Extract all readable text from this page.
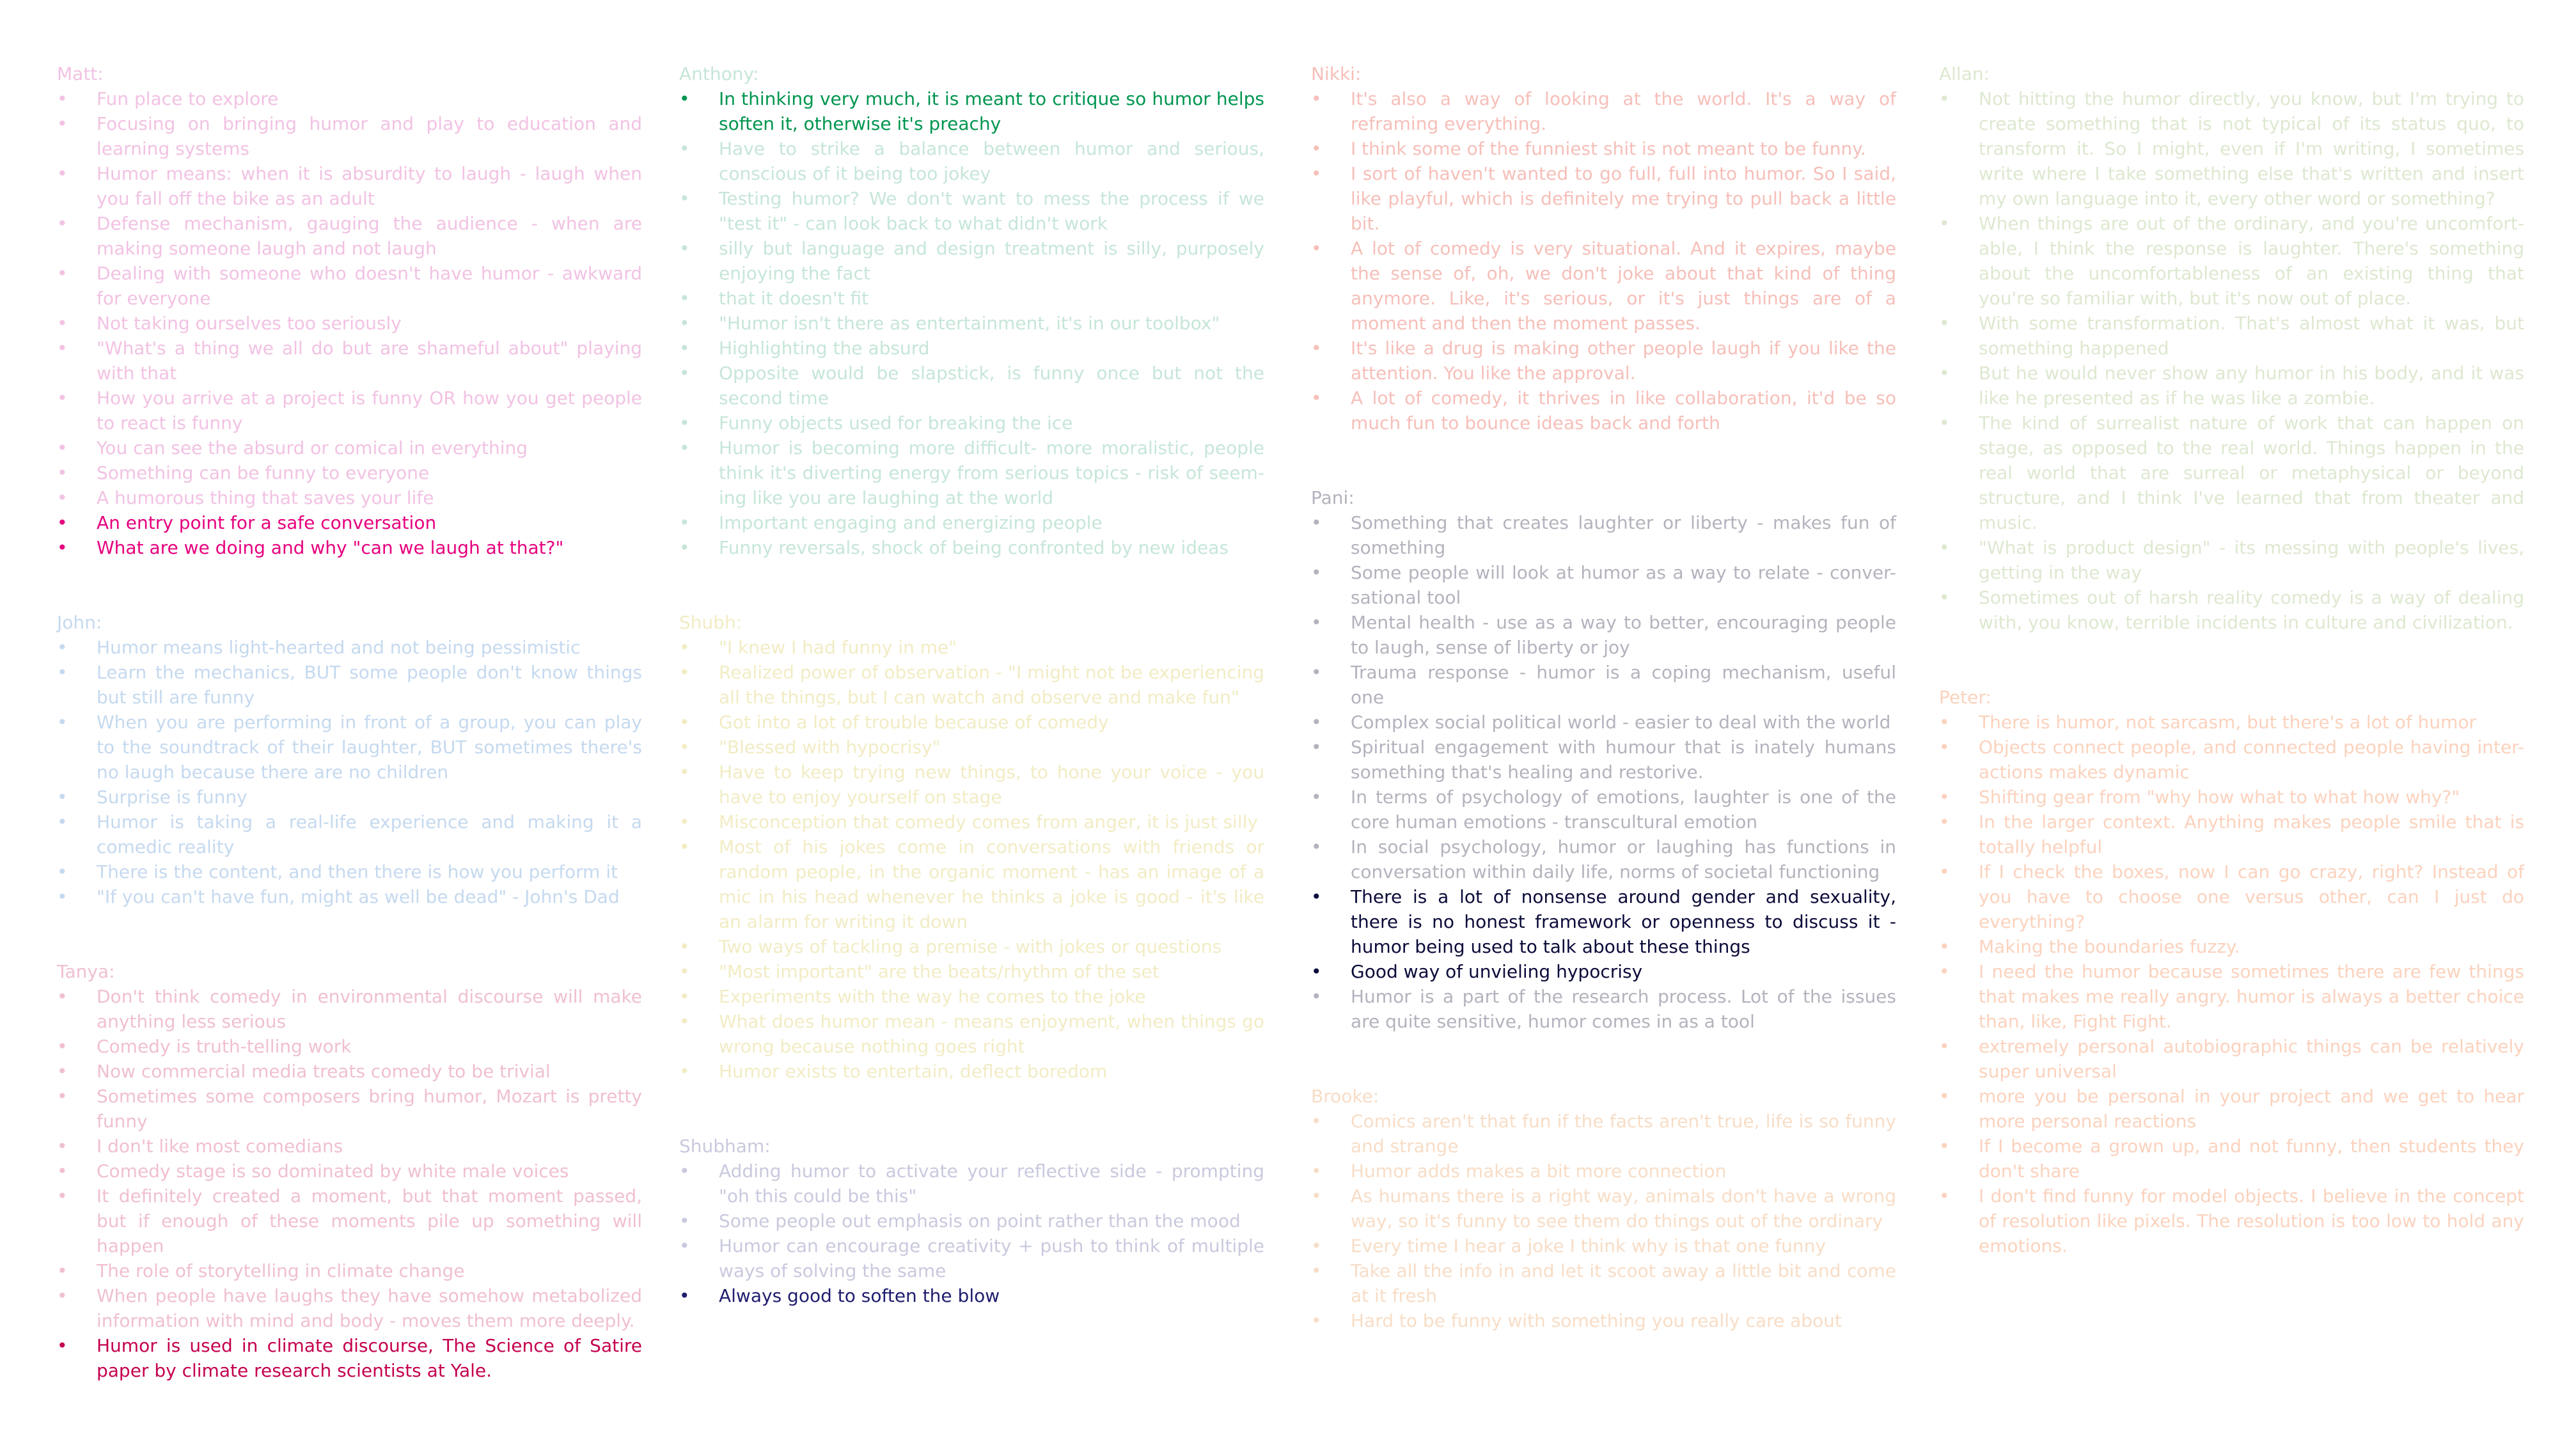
Matt:

• Fun place to explore
• Focusing on bringing humor and play to education and learning systems
• Humor means: when it is absurdity to laugh - laugh when you fall off the bike as an adult
• Defense mechanism, gauging the audience - when are making someone laugh and not laugh
• Dealing with someone who doesn't have humor - awkward for everyone
• Not taking ourselves too seriously
• "What's a thing we all do but are shameful about" playing with that
• How you arrive at a project is funny OR how you get people to react is funny
• You can see the absurd or comical in everything
• Something can be funny to everyone
• A humorous thing that saves your life
• An entry point for a safe conversation
• What are we doing and why "can we laugh at that?"

John:

• Humor means light-hearted and not being pessimistic
• Learn the mechanics, BUT some people don't know things but still are funny
• When you are performing in front of a group, you can play to the soundtrack of their laughter, BUT sometimes there's no laugh because there are no children
• Surprise is funny
• Humor is taking a real-life experience and making it a comedic reality
• There is the content, and then there is how you perform it
• "If you can't have fun, might as well be dead" - John's Dad

Tanya:

• Don't think comedy in environmental discourse will make anything less serious
• Comedy is truth-telling work
• Now commercial media treats comedy to be trivial
• Sometimes some composers bring humor, Mozart is pretty funny
• I don't like most comedians
• Comedy stage is so dominated by white male voices
• It definitely created a moment, but that moment passed, but if enough of these moments pile up something will happen
• The role of storytelling in climate change
• When people have laughs they have somehow metabolized information with mind and body - moves them more deeply.
• Humor is used in climate discourse, The Science of Satire paper by climate research scientists at Yale.

Anthony:

• In thinking very much, it is meant to critique so humor helps soften it, otherwise it's preachy
• Have to strike a balance between humor and serious, conscious of it being too jokey
• Testing humor? We don't want to mess the process if we "test it" - can look back to what didn't work
• silly but language and design treatment is silly, purposely enjoying the fact
• that it doesn't fit
• "Humor isn't there as entertainment, it's in our toolbox"
• Highlighting the absurd
• Opposite would be slapstick, is funny once but not the second time
• Funny objects used for breaking the ice
• Humor is becoming more difficult- more moralistic, people think it's diverting energy from serious topics - risk of seem-ing like you are laughing at the world
• Important engaging and energizing people
• Funny reversals, shock of being confronted by new ideas

Shubh:

• "I knew I had funny in me"
• Realized power of observation - "I might not be experiencing all the things, but I can watch and observe and make fun"
• Got into a lot of trouble because of comedy
• "Blessed with hypocrisy"
• Have to keep trying new things, to hone your voice - you have to enjoy yourself on stage
• Misconception that comedy comes from anger, it is just silly
• Most of his jokes come in conversations with friends or random people, in the organic moment - has an image of a mic in his head whenever he thinks a joke is good - it's like an alarm for writing it down
• Two ways of tackling a premise - with jokes or questions
• "Most important" are the beats/rhythm of the set
• Experiments with the way he comes to the joke
• What does humor mean - means enjoyment, when things go wrong because nothing goes right
• Humor exists to entertain, deflect boredom

Shubham:

• Adding humor to activate your reflective side - prompting "oh this could be this"
• Some people out emphasis on point rather than the mood
• Humor can encourage creativity + push to think of multiple ways of solving the same
• Always good to soften the blow

Nikki:

• It's also a way of looking at the world. It's a way of reframing everything.
• I think some of the funniest shit is not meant to be funny.
• I sort of haven't wanted to go full, full into humor. So I said, like playful, which is definitely me trying to pull back a little bit.
• A lot of comedy is very situational. And it expires, maybe the sense of, oh, we don't joke about that kind of thing anymore. Like, it's serious, or it's just things are of a moment and then the moment passes.
• It's like a drug is making other people laugh if you like the attention. You like the approval.
• A lot of comedy, it thrives in like collaboration, it'd be so much fun to bounce ideas back and forth

Pani:

• Something that creates laughter or liberty - makes fun of something
• Some people will look at humor as a way to relate - conver-sational tool
• Mental health - use as a way to better, encouraging people to laugh, sense of liberty or joy
• Trauma response - humor is a coping mechanism, useful one
• Complex social political world - easier to deal with the world
• Spiritual engagement with humour that is inately humans something that's healing and restorive.
• In terms of psychology of emotions, laughter is one of the core human emotions - transcultural emotion
• In social psychology, humor or laughing has functions in conversation within daily life, norms of societal functioning
• There is a lot of nonsense around gender and sexuality, there is no honest framework or openness to discuss it - humor being used to talk about these things
• Good way of unvieling hypocrisy
• Humor is a part of the research process. Lot of the issues are quite sensitive, humor comes in as a tool

Brooke:

• Comics aren't that fun if the facts aren't true, life is so funny and strange
• Humor adds makes a bit more connection
• As humans there is a right way, animals don't have a wrong way, so it's funny to see them do things out of the ordinary
• Every time I hear a joke I think why is that one funny
• Take all the info in and let it scoot away a little bit and come at it fresh
• Hard to be funny with something you really care about

Allan:

• Not hitting the humor directly, you know, but I'm trying to create something that is not typical of its status quo, to transform it. So I might, even if I'm writing, I sometimes write where I take something else that's written and insert my own language into it, every other word or something?
• When things are out of the ordinary, and you're uncomfort-able, I think the response is laughter. There's something about the uncomfortableness of an existing thing that you're so familiar with, but it's now out of place.
• With some transformation. That's almost what it was, but something happened
• But he would never show any humor in his body, and it was like he presented as if he was like a zombie.
• The kind of surrealist nature of work that can happen on stage, as opposed to the real world. Things happen in the real world that are surreal or metaphysical or beyond structure, and I think I've learned that from theater and music.
• "What is product design" - its messing with people's lives, getting in the way
• Sometimes out of harsh reality comedy is a way of dealing with, you know, terrible incidents in culture and civilization.

Peter:

• There is humor, not sarcasm, but there's a lot of humor
• Objects connect people, and connected people having inter-actions makes dynamic
• Shifting gear from "why how what to what how why?"
• In the larger context. Anything makes people smile that is totally helpful
• If I check the boxes, now I can go crazy, right? Instead of you have to choose one versus other, can I just do everything?
• Making the boundaries fuzzy.
• I need the humor because sometimes there are few things that makes me really angry. humor is always a better choice than, like, Fight Fight.
• extremely personal autobiographic things can be relatively super universal
• more you be personal in your project and we get to hear more personal reactions
• If I become a grown up, and not funny, then students they don't share
• I don't find funny for model objects. I believe in the concept of resolution like pixels. The resolution is too low to hold any emotions.
